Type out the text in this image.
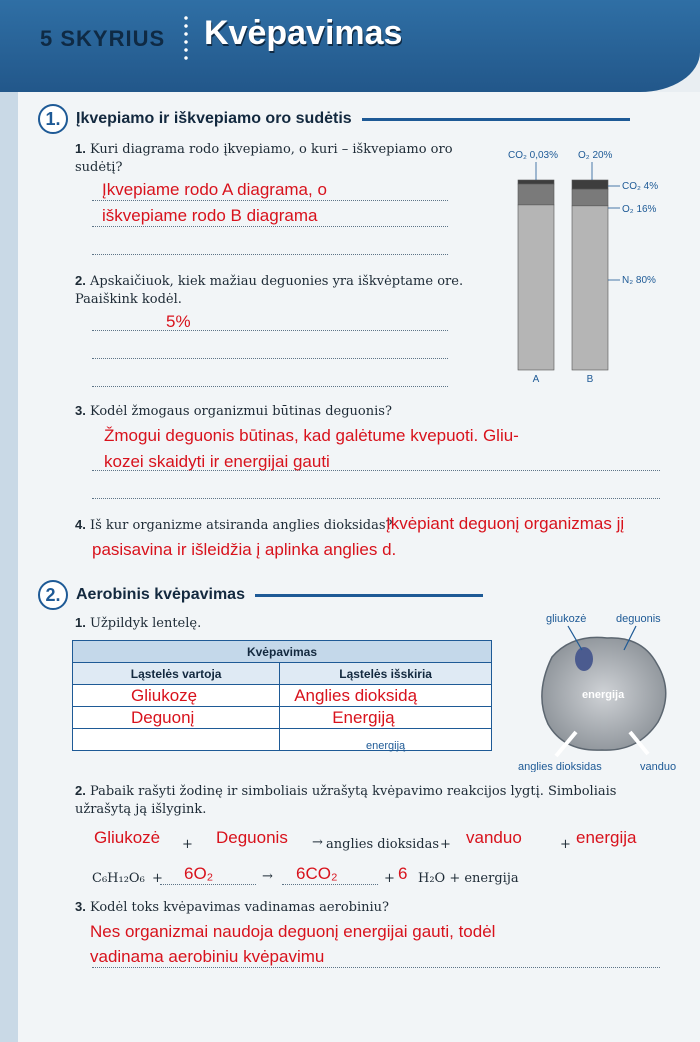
5 SKYRIUS Kvėpavimas
1. Įkvepiamo ir iškvepiamo oro sudėtis
1. Kuri diagrama rodo įkvepiamo, o kuri – iškvepiamo oro sudėtį?
Įkvepiame rodo A diagrama, o
iškvepiame rodo B diagrama
2. Apskaičiuok, kiek mažiau deguonies yra iškvėptame ore. Paaiškink kodėl.
5%
A	B
CO₂ 0,03% O₂ 20%
CO₂ 4%
O₂ 16%
N₂ 80%
3. Kodėl žmogaus organizmui būtinas deguonis?
Žmogui deguonis būtinas, kad galėtume kvepuoti. Gliu-
kozei skaidyti ir energijai gauti
4. Iš kur organizme atsiranda anglies dioksidas?
Įkvėpiant deguonį organizmas jį
pasisavina ir išleidžia į aplinka anglies d.
2. Aerobinis kvėpavimas
1. Užpildyk lentelę.
Kvėpavimas	
Ląstelės vartoja	Ląstelės išskiria

Gliukozę	Anglies dioksidą

Deguonį	Energiją

	energiją
gliukozė	deguonis
energija
anglies dioksidas	vanduo
2. Pabaik rašyti žodinę ir simboliais užrašytą kvėpavimo reakcijos lygtį. Simboliais užrašytą ją išlygink.
Gliukozė + Deguonis → anglies dioksidas + vanduo	+ energija
C₆H₁₂O₆ + 6O₂	→ 6CO₂	+ 6 H₂O + energija
3. Kodėl toks kvėpavimas vadinamas aerobiniu?
Nes organizmai naudoja deguonį energijai gauti, todėl
vadinama aerobiniu kvėpavimu
